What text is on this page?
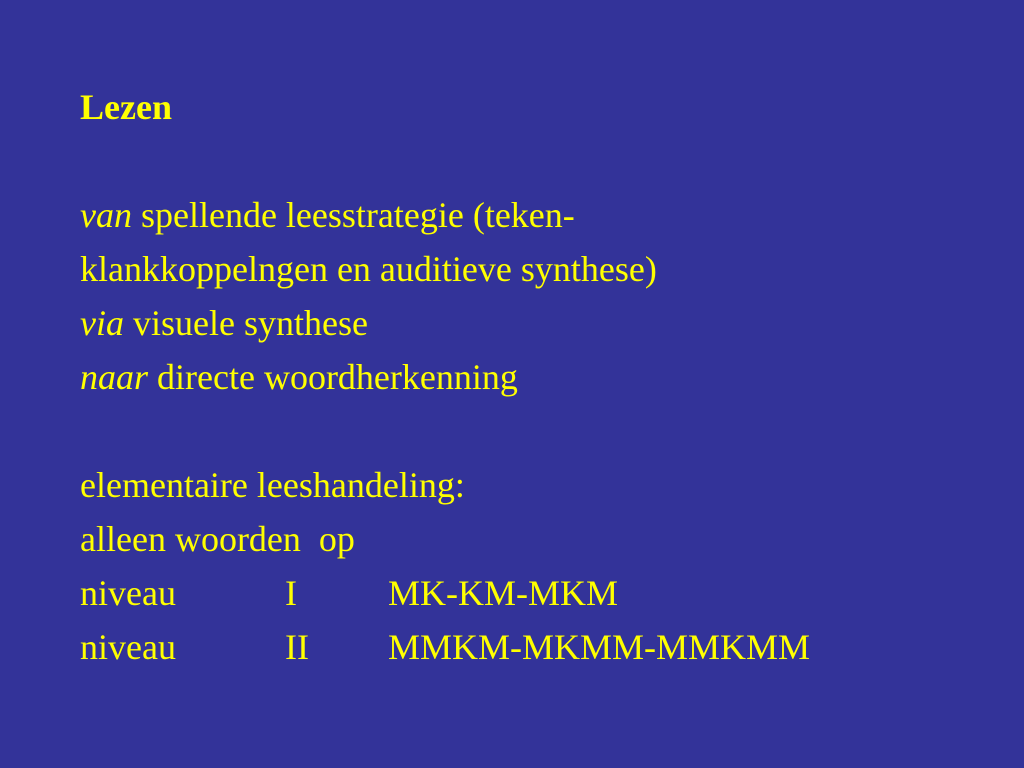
Lezen
van spellende leesstrategie (teken-
klankkoppelngen en auditieve synthese)
via visuele synthese
naar directe woordherkenning
elementaire leeshandeling:
alleen woorden  op
niveau	I	MK-KM-MKM
niveau	II MMKM-MKMM-MMKMM
